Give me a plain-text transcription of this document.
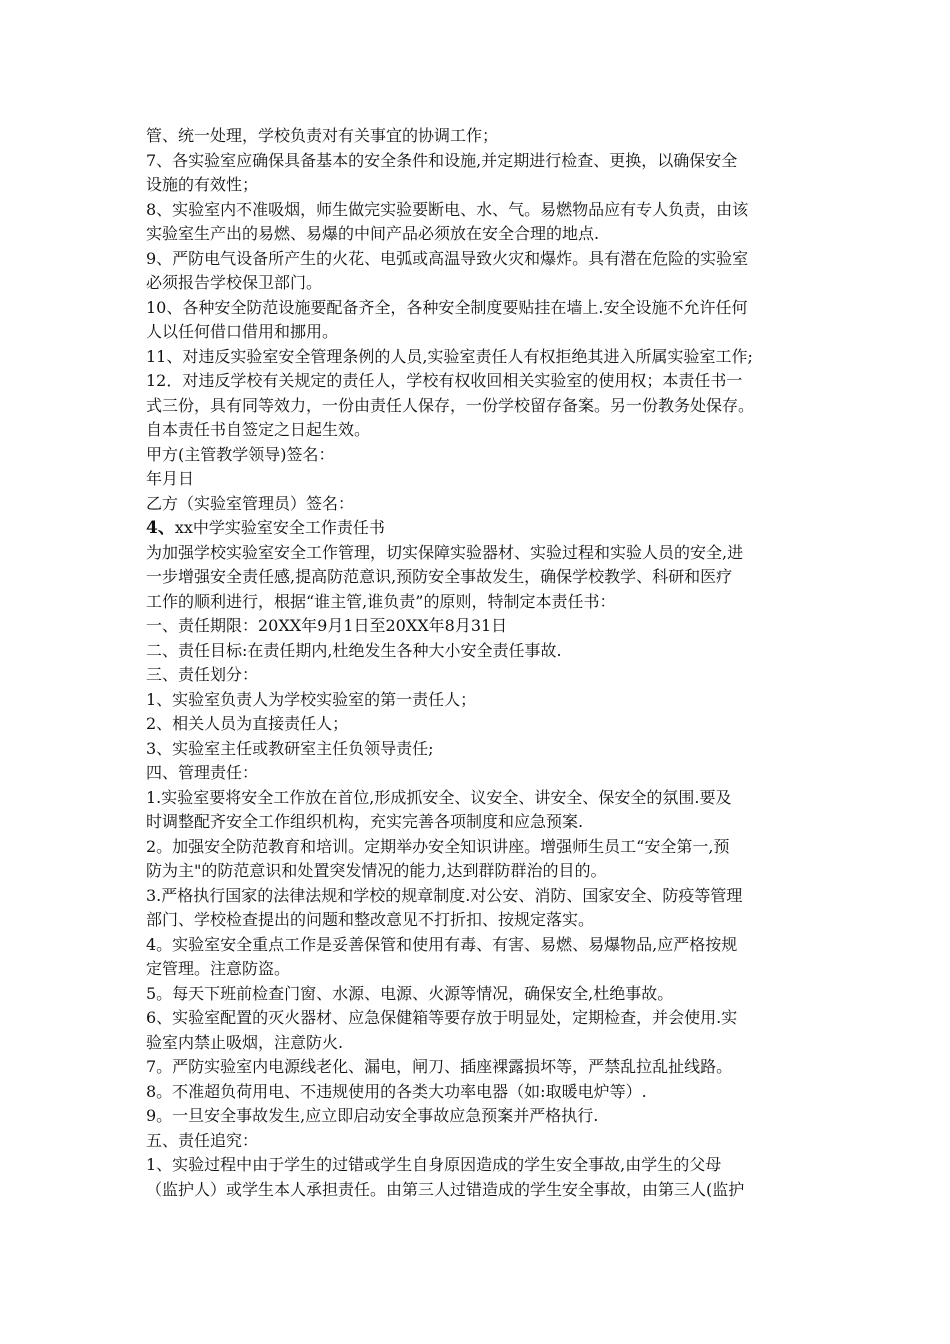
管、统一处理，学校负责对有关事宜的协调工作；

7、各实验室应确保具备基本的安全条件和设施,并定期进行检查、更换，以确保安全

设施的有效性；

8、实验室内不准吸烟，师生做完实验要断电、水、气。易燃物品应有专人负责，由该

实验室生产出的易燃、易爆的中间产品必须放在安全合理的地点.

9、严防电气设备所产生的火花、电弧或高温导致火灾和爆炸。具有潜在危险的实验室

必须报告学校保卫部门。

10、各种安全防范设施要配备齐全，各种安全制度要贴挂在墙上.安全设施不允许任何

人以任何借口借用和挪用。

11、对违反实验室安全管理条例的人员,实验室责任人有权拒绝其进入所属实验室工作;

12．对违反学校有关规定的责任人，学校有权收回相关实验室的使用权；本责任书一

式三份，具有同等效力，一份由责任人保存，一份学校留存备案。另一份教务处保存。

自本责任书自签定之日起生效。

甲方(主管教学领导)签名：

年月日

乙方（实验室管理员）签名：

4、xx中学实验室安全工作责任书

为加强学校实验室安全工作管理，切实保障实验器材、实验过程和实验人员的安全,进

一步增强安全责任感,提高防范意识,预防安全事故发生，确保学校教学、科研和医疗

工作的顺利进行，根据“谁主管,谁负责”的原则，特制定本责任书：

一、责任期限：20XX年9月1日至20XX年8月31日

二、责任目标:在责任期内,杜绝发生各种大小安全责任事故.

三、责任划分：

1、实验室负责人为学校实验室的第一责任人；

2、相关人员为直接责任人；

3、实验室主任或教研室主任负领导责任;

四、管理责任：

1.实验室要将安全工作放在首位,形成抓安全、议安全、讲安全、保安全的氛围.要及

时调整配齐安全工作组织机构，充实完善各项制度和应急预案.

2。加强安全防范教育和培训。定期举办安全知识讲座。增强师生员工“安全第一,预

防为主"的防范意识和处置突发情况的能力,达到群防群治的目的。

3.严格执行国家的法律法规和学校的规章制度.对公安、消防、国家安全、防疫等管理

部门、学校检查提出的问题和整改意见不打折扣、按规定落实。

4。实验室安全重点工作是妥善保管和使用有毒、有害、易燃、易爆物品,应严格按规

定管理。注意防盗。

5。每天下班前检查门窗、水源、电源、火源等情况，确保安全,杜绝事故。

6、实验室配置的灭火器材、应急保健箱等要存放于明显处，定期检查，并会使用.实

验室内禁止吸烟，注意防火.

7。严防实验室内电源线老化、漏电，闸刀、插座裸露损坏等，严禁乱拉乱扯线路。

8。不准超负荷用电、不违规使用的各类大功率电器（如:取暖电炉等）.

9。一旦安全事故发生,应立即启动安全事故应急预案并严格执行.

五、责任追究：

1、实验过程中由于学生的过错或学生自身原因造成的学生安全事故,由学生的父母

（监护人）或学生本人承担责任。由第三人过错造成的学生安全事故，由第三人(监护
